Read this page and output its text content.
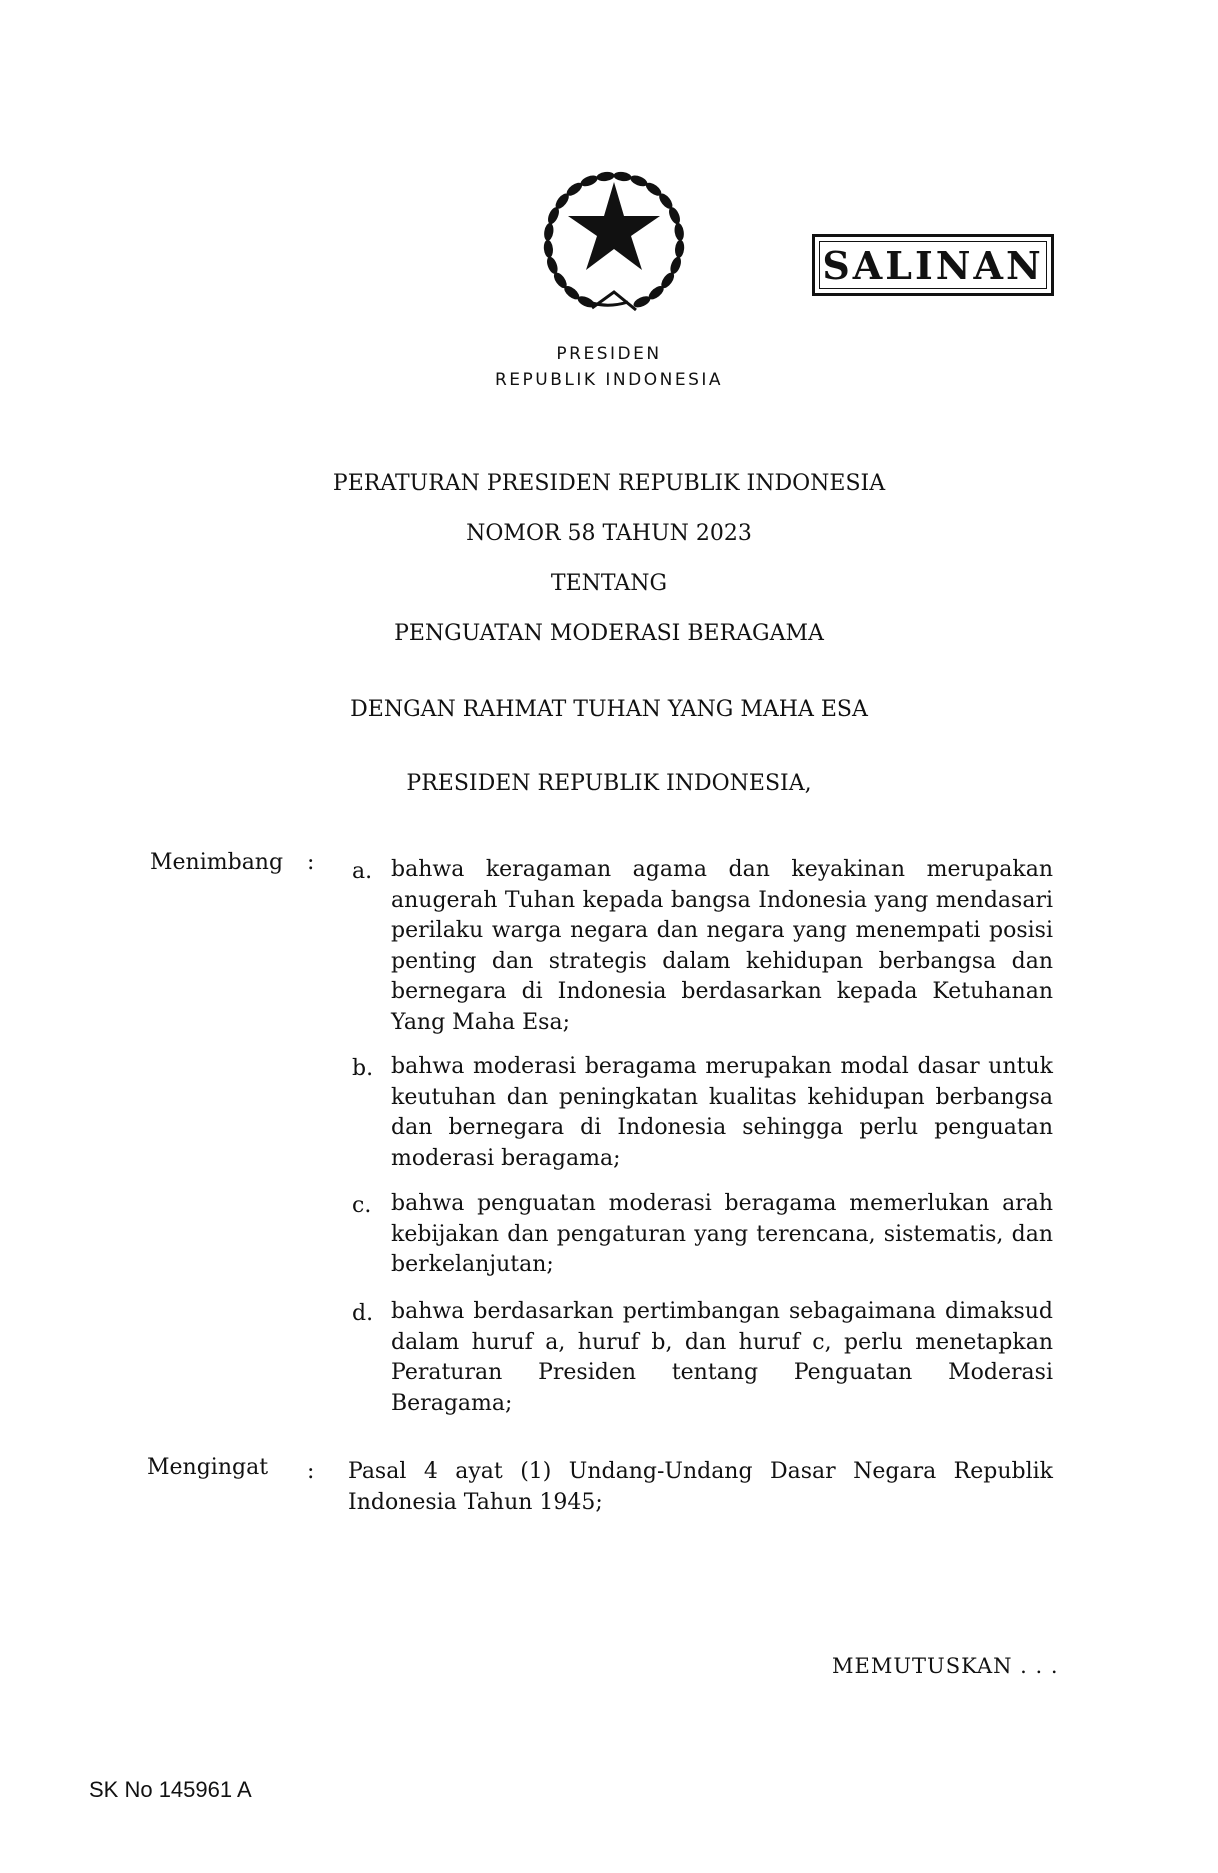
SALINAN
PRESIDEN
REPUBLIK INDONESIA
PERATURAN PRESIDEN REPUBLIK INDONESIA
NOMOR 58 TAHUN 2023
TENTANG
PENGUATAN MODERASI BERAGAMA
DENGAN RAHMAT TUHAN YANG MAHA ESA
PRESIDEN REPUBLIK INDONESIA,
Menimbang : a. bahwa keragaman agama dan keyakinan merupakan anugerah Tuhan kepada bangsa Indonesia yang mendasari perilaku warga negara dan negara yang menempati posisi penting dan strategis dalam kehidupan berbangsa dan bernegara di Indonesia berdasarkan kepada Ketuhanan Yang Maha Esa;
b. bahwa moderasi beragama merupakan modal dasar untuk keutuhan dan peningkatan kualitas kehidupan berbangsa dan bernegara di Indonesia sehingga perlu penguatan moderasi beragama;
c. bahwa penguatan moderasi beragama memerlukan arah kebijakan dan pengaturan yang terencana, sistematis, dan berkelanjutan;
d. bahwa berdasarkan pertimbangan sebagaimana dimaksud dalam huruf a, huruf b, dan huruf c, perlu menetapkan Peraturan Presiden tentang Penguatan Moderasi Beragama;
Mengingat : Pasal 4 ayat (1) Undang-Undang Dasar Negara Republik Indonesia Tahun 1945;
MEMUTUSKAN . . .
SK No 145961 A
